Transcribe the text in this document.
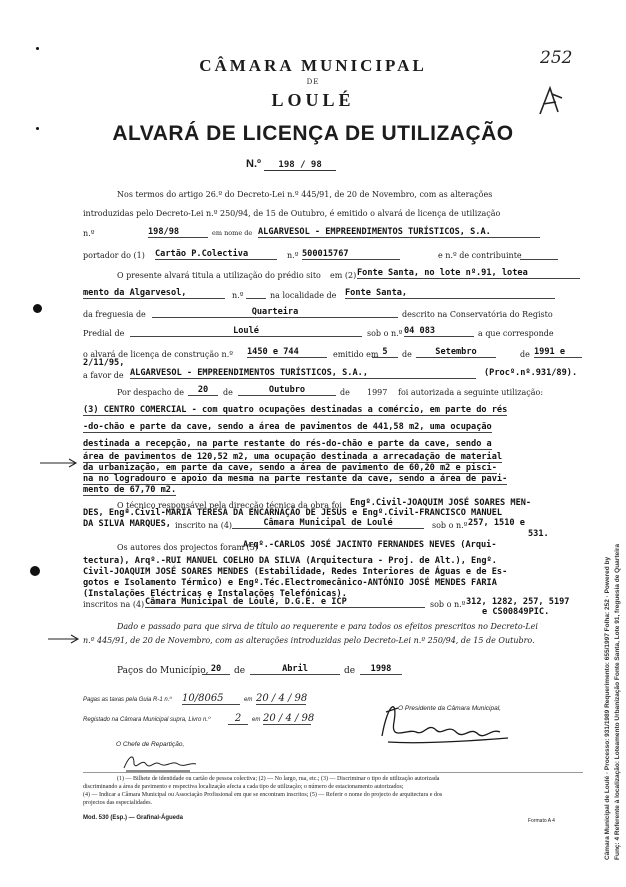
252
CÂMARA MUNICIPAL
DE
LOULÉ
ALVARÁ DE LICENÇA DE UTILIZAÇÃO
N.º 198 / 98
Nos termos do artigo 26.º do Decreto-Lei n.º 445/91, de 20 de Novembro, com as alterações
introduzidas pelo Decreto-Lei n.º 250/94, de 15 de Outubro, é emitido o alvará de licença de utilização
n.º	198/98	em nome de ALGARVESOL - EMPREENDIMENTOS TURÍSTICOS, S.A.
portador do (1) Cartão P.Colectiva	n.º 500015767	e n.º de contribuinte
O presente alvará titula a utilização do prédio sito em (2) Fonte Santa, no lote nº.91, lotea
mento da Algarvesol,	n.º	na localidade de Fonte Santa,
da freguesia de	Quarteira	descrito na Conservatória do Registo
Predial de	Loulé	sob o n.º 04 083	a que corresponde
o alvará de licença de construção n.º 1450 e 744	emitido em 5	de	Setembro	de 1991 e
2/11/95,
a favor de ALGARVESOL - EMPREENDIMENTOS TURÍSTICOS, S.A.,	(Procº.nº.931/89).
Por despacho de	20	de	Outubro	de 1997 foi autorizada a seguinte utilização:
(3) CENTRO COMERCIAL - com quatro ocupações destinadas a comércio, em parte do rés
-do-chão e parte da cave, sendo a área de pavimentos de 441,58 m2, uma ocupação
destinada a recepção, na parte restante do rés-do-chão e parte da cave, sendo a
área de pavimentos de 120,52 m2, uma ocupação destinada a arrecadação de material
da urbanização, em parte da cave, sendo a área de pavimento de 60,20 m2 e pisci-
na no logradouro e apoio da mesma na parte restante da cave, sendo a área de pavi-
mento de 67,70 m2.
O técnico responsável pela direcção técnica da obra foi Engº.Civil-JOAQUIM JOSÉ SOARES MEN-
DES, Engª.Civil-MARIA TERESA DA ENCARNAÇÃO DE JESUS e Engº.Civil-FRANCISCO MANUEL
DA SILVA MARQUES, inscrito na (4)	Câmara Municipal de Loulé	sob o n.º 257, 1510 e
531.
Os autores dos projectos foram (5)
Arqº.-CARLOS JOSÉ JACINTO FERNANDES NEVES (Arqui-
tectura), Arqº.-RUI MANUEL COELHO DA SILVA (Arquitectura - Proj. de Alt.), Engº.
Civil-JOAQUIM JOSÉ SOARES MENDES (Estabilidade, Redes Interiores de Águas e de Es-
gotos e Isolamento Térmico) e Engº.Téc.Electromecânico-ANTÓNIO JOSÉ MENDES FARIA
(Instalações Eléctricas e Instalações Telefónicas).
inscritos na (4) Câmara Municipal de Loulé, D.G.E. e ICP	sob o n.º 312, 1282, 257, 5197
e CS00849PIC.
Dado e passado para que sirva de título ao requerente e para todos os efeitos prescritos no Decreto-Lei
n.º 445/91, de 20 de Novembro, com as alterações introduzidas pelo Decreto-Lei n.º 250/94, de 15 de Outubro.
Paços do Município, 20	de	Abril	de	1998
Pagas as taxas pela Guia R-1 n.º 10/8065	em 20 / 4 / 98
Registado na Câmara Municipal supra, Livro n.º	2	em 20 / 4 / 98
O Chefe de Repartição,
O Presidente da Câmara Municipal,
(1) — Bilhete de identidade ou cartão de pessoa colectiva; (2) — No largo, rua, etc.; (3) — Discriminar o tipo de utilização autorizada
discriminando a área de pavimento e respectiva localização afecta a cada tipo de utilização; o número de estacionamento autorizados;
(4) — Indicar a Câmara Municipal ou Associação Profissional em que se encontram inscritos; (5) — Referir o nome do projecto de arquitectura e dos
projectos das especialidades.
Mod. 530 (Esp.) — Grafinal-Águeda	Formato A 4	Câmara Municipal de Loulé · Processo: 931/1989 Requerimento: 655/1997 Folha: 252 · Powered by Funç: 4 Referente à localização: Loteamento Urbanização Fonte Santa, Lote 91, freguesia de Quarteira
